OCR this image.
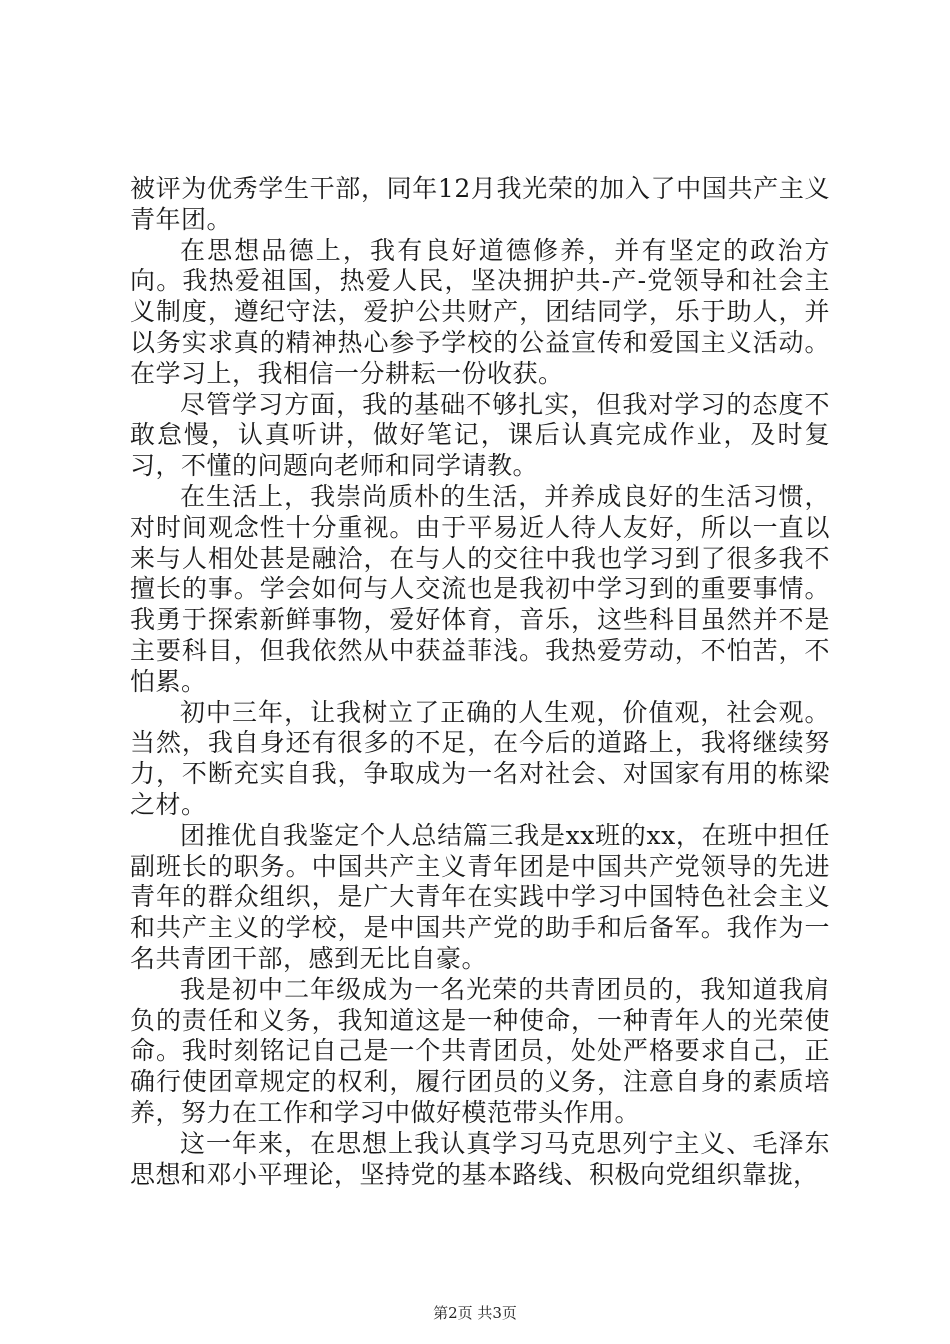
被评为优秀学生干部，同年12月我光荣的加入了中国共产主义青年团。

在思想品德上，我有良好道德修养，并有坚定的政治方向。我热爱祖国，热爱人民，坚决拥护共-产-党领导和社会主义制度，遵纪守法，爱护公共财产，团结同学，乐于助人，并以务实求真的精神热心参予学校的公益宣传和爱国主义活动。在学习上，我相信一分耕耘一份收获。

尽管学习方面，我的基础不够扎实，但我对学习的态度不敢怠慢，认真听讲，做好笔记，课后认真完成作业，及时复习，不懂的问题向老师和同学请教。

在生活上，我崇尚质朴的生活，并养成良好的生活习惯，对时间观念性十分重视。由于平易近人待人友好，所以一直以来与人相处甚是融洽，在与人的交往中我也学习到了很多我不擅长的事。学会如何与人交流也是我初中学习到的重要事情。我勇于探索新鲜事物，爱好体育，音乐，这些科目虽然并不是主要科目，但我依然从中获益菲浅。我热爱劳动，不怕苦，不怕累。

初中三年，让我树立了正确的人生观，价值观，社会观。当然，我自身还有很多的不足，在今后的道路上，我将继续努力，不断充实自我，争取成为一名对社会、对国家有用的栋梁之材。

团推优自我鉴定个人总结篇三我是xx班的xx，在班中担任副班长的职务。中国共产主义青年团是中国共产党领导的先进青年的群众组织，是广大青年在实践中学习中国特色社会主义和共产主义的学校，是中国共产党的助手和后备军。我作为一名共青团干部，感到无比自豪。

我是初中二年级成为一名光荣的共青团员的，我知道我肩负的责任和义务，我知道这是一种使命，一种青年人的光荣使命。我时刻铭记自己是一个共青团员，处处严格要求自己，正确行使团章规定的权利，履行团员的义务，注意自身的素质培养，努力在工作和学习中做好模范带头作用。

这一年来，在思想上我认真学习马克思列宁主义、毛泽东思想和邓小平理论，坚持党的基本路线、积极向党组织靠拢，

第2页 共3页
